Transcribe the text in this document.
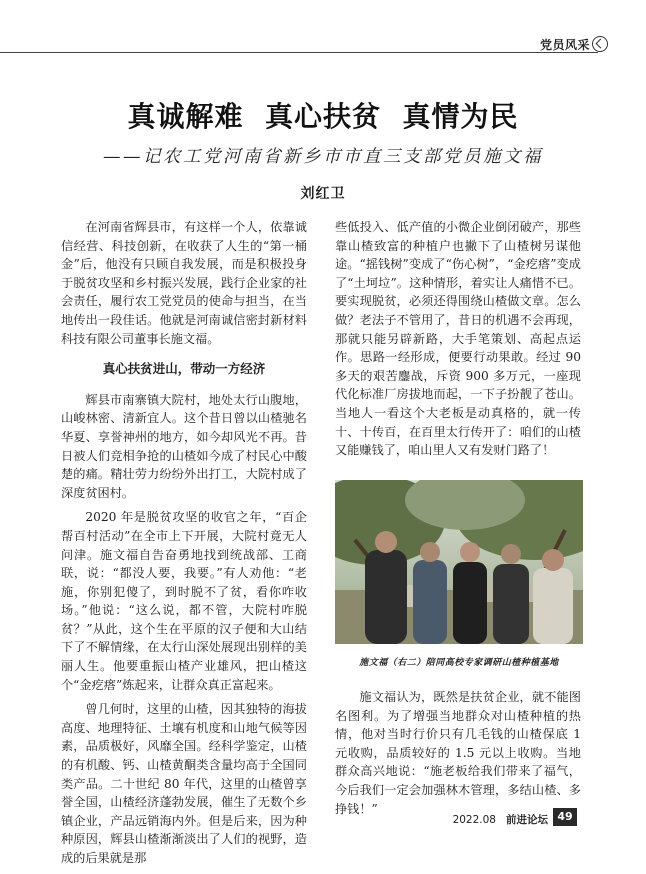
党员风采
真诚解难  真心扶贫  真情为民
——记农工党河南省新乡市市直三支部党员施文福
刘红卫

在河南省辉县市，有这样一个人，依靠诚信经营、科技创新，在收获了人生的“第一桶金”后，他没有只顾自我发展，而是积极投身于脱贫攻坚和乡村振兴发展，践行企业家的社会责任，履行农工党党员的使命与担当，在当地传出一段佳话。他就是河南诚信密封新材料科技有限公司董事长施文福。

真心扶贫进山，带动一方经济

辉县市南寨镇大院村，地处太行山腹地，山峻林密、清新宜人。这个昔日曾以山楂驰名华夏、享誉神州的地方，如今却风光不再。昔日被人们竞相争抢的山楂如今成了村民心中酸楚的痛。精壮劳力纷纷外出打工，大院村成了深度贫困村。

2020 年是脱贫攻坚的收官之年，“百企帮百村活动”在全市上下开展，大院村竟无人问津。施文福自告奋勇地找到统战部、工商联，说：“都没人要，我要。”有人劝他：“老施，你别犯傻了，到时脱不了贫，看你咋收场。”他说：“这么说，都不管，大院村咋脱贫？”从此，这个生在平原的汉子便和大山结下了不解情缘，在太行山深处展现出别样的美丽人生。他要重振山楂产业雄风，把山楂这个“金疙瘩”炼起来，让群众真正富起来。

曾几何时，这里的山楂，因其独特的海拔高度、地理特征、土壤有机度和山地气候等因素，品质极好，风靡全国。经科学鉴定，山楂的有机酸、钙、山楂黄酮类含量均高于全国同类产品。二十世纪 80 年代，这里的山楂曾享誉全国，山楂经济蓬勃发展，催生了无数个乡镇企业，产品远销海内外。但是后来，因为种种原因，辉县山楂渐渐淡出了人们的视野，造成的后果就是那

些低投入、低产值的小微企业倒闭破产，那些靠山楂致富的种植户也撇下了山楂树另谋他途。“摇钱树”变成了“伤心树”，“金疙瘩”变成了“土坷垃”。这种情形，着实让人痛惜不已。要实现脱贫，必须还得围绕山楂做文章。怎么做？老法子不管用了，昔日的机遇不会再现，那就只能另辟新路，大手笔策划、高起点运作。思路一经形成，便要行动果敢。经过 90 多天的艰苦鏖战，斥资 900 多万元，一座现代化标准厂房拔地而起，一下子扮靓了苍山。当地人一看这个大老板是动真格的，就一传十、十传百，在百里太行传开了：咱们的山楂又能赚钱了，咱山里人又有发财门路了！

施文福（右二）陪同高校专家调研山楂种植基地

施文福认为，既然是扶贫企业，就不能图名图利。为了增强当地群众对山楂种植的热情，他对当时行价只有几毛钱的山楂保底 1 元收购，品质较好的 1.5 元以上收购。当地群众高兴地说：“施老板给我们带来了福气，今后我们一定会加强林木管理，多结山楂、多挣钱！”

2022.08 前进论坛 49
